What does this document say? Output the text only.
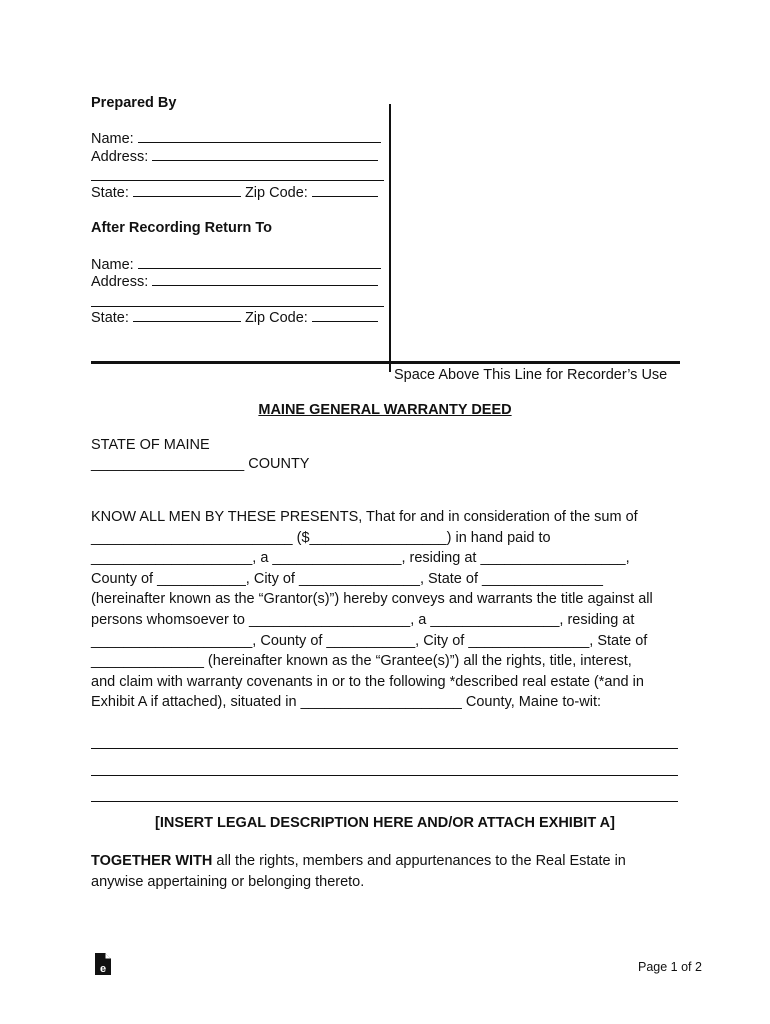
Prepared By
Name:
Address:
State:	Zip Code:
After Recording Return To
Name:
Address:
State:	Zip Code:
Space Above This Line for Recorder’s Use
MAINE GENERAL WARRANTY DEED
STATE OF MAINE
___________________ COUNTY
KNOW ALL MEN BY THESE PRESENTS, That for and in consideration of the sum of
_________________________ ($_________________) in hand paid to
____________________, a ________________, residing at __________________,
County of ___________, City of _______________, State of _______________
(hereinafter known as the “Grantor(s)”) hereby conveys and warrants the title against all
persons whomsoever to ____________________, a ________________, residing at
____________________, County of ___________, City of _______________, State of
______________ (hereinafter known as the “Grantee(s)”) all the rights, title, interest,
and claim with warranty covenants in or to the following *described real estate (*and in
Exhibit A if attached), situated in ____________________ County, Maine to-wit:
[INSERT LEGAL DESCRIPTION HERE AND/OR ATTACH EXHIBIT A]
TOGETHER WITH all the rights, members and appurtenances to the Real Estate in
anywise appertaining or belonging thereto.
e	Page 1 of 2
